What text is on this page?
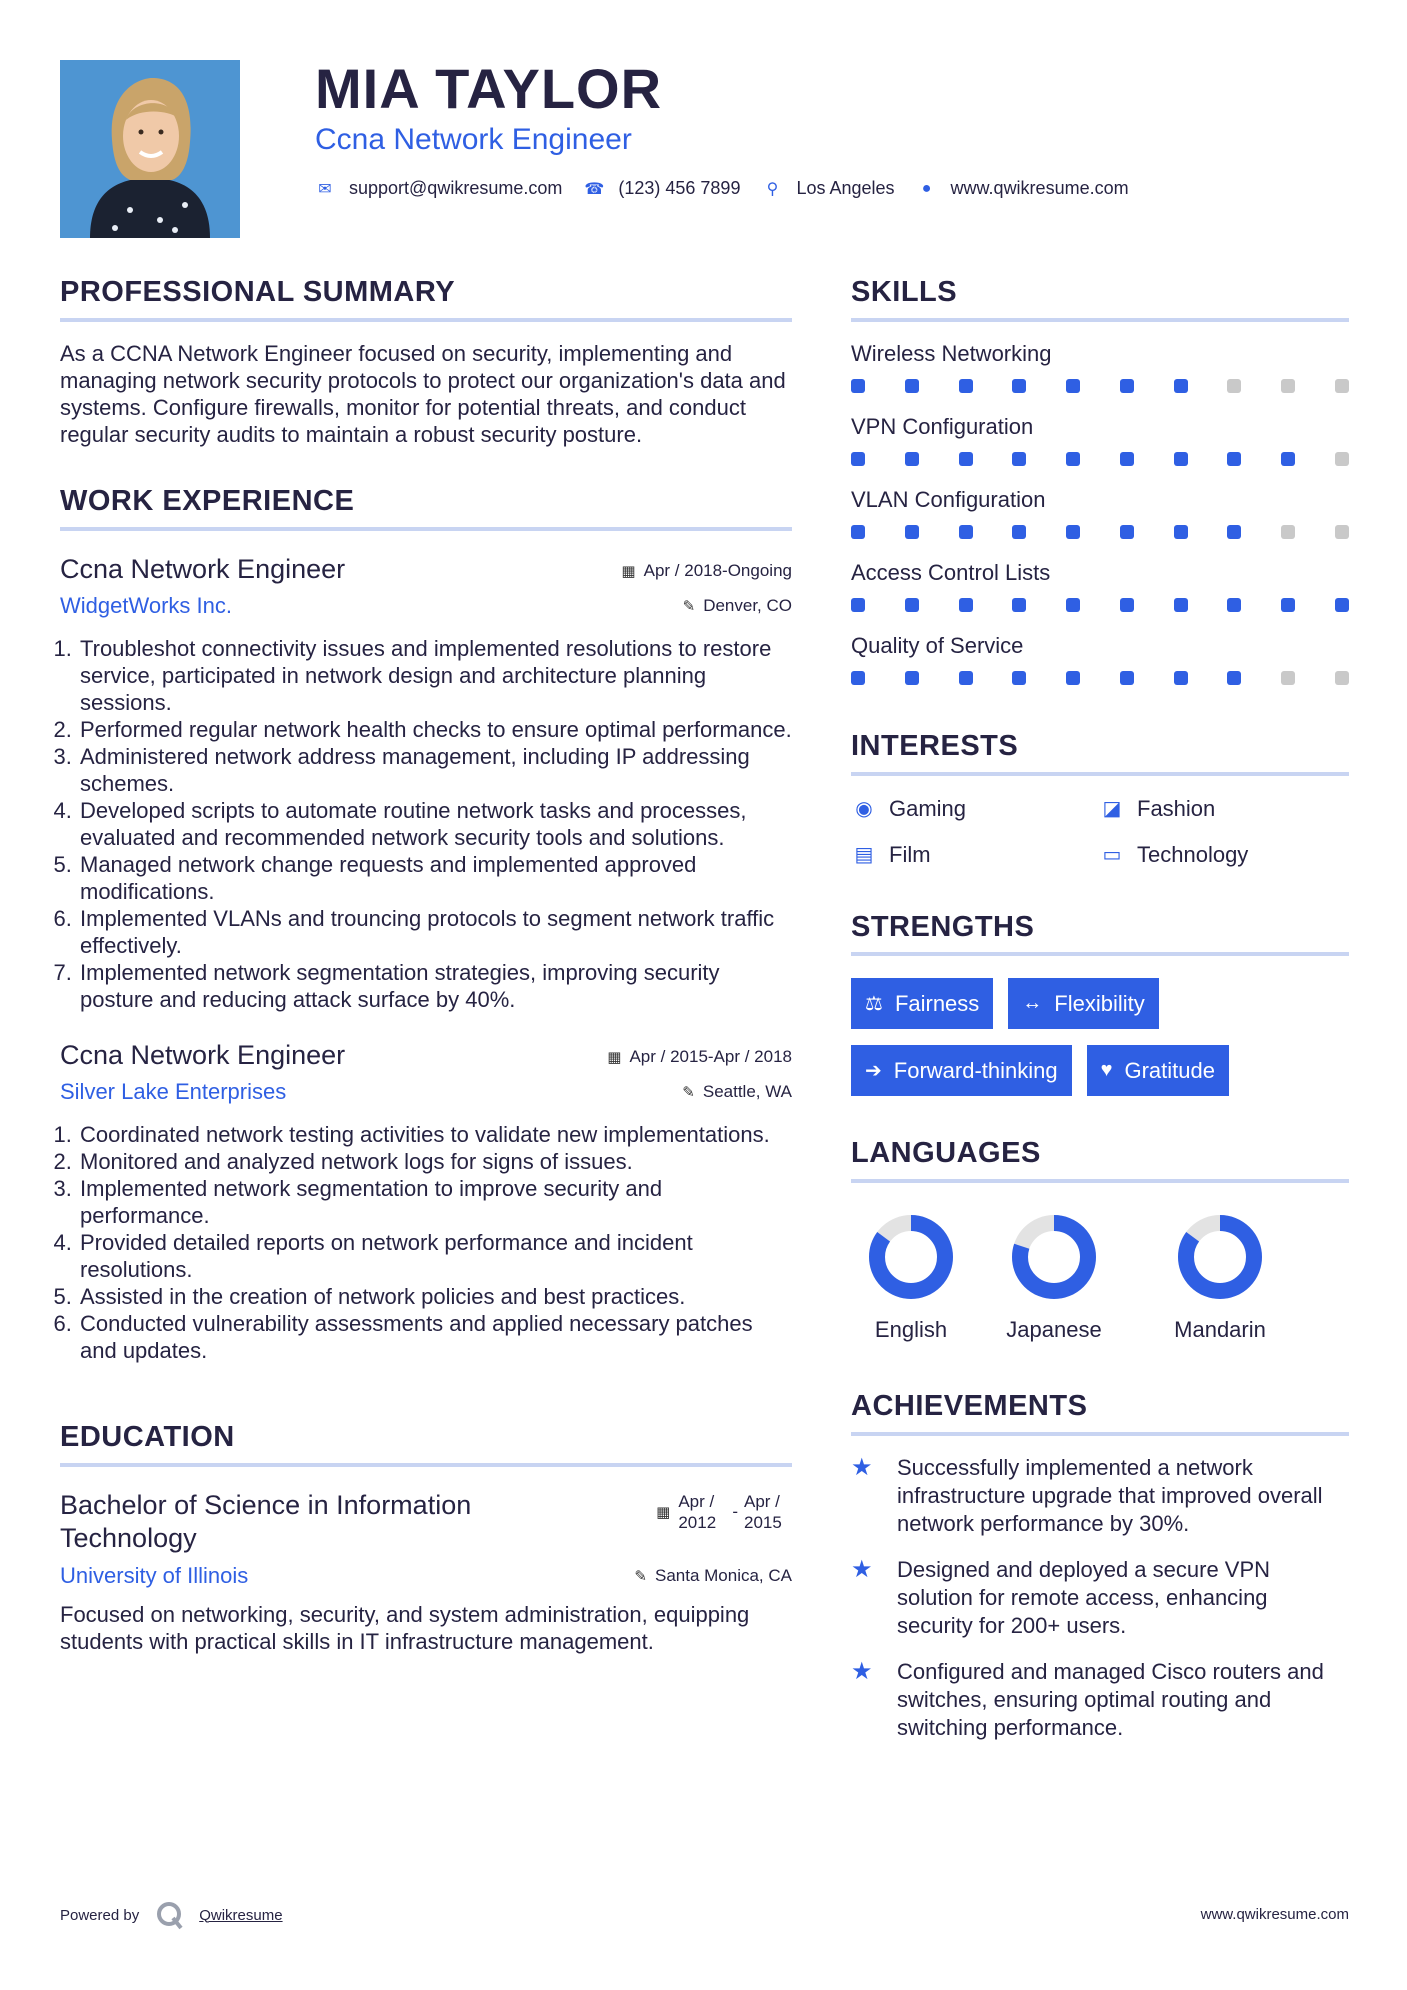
MIA TAYLOR
Ccna Network Engineer
✉ support@qwikresume.com ☎ (123) 456 7899 ⚲ Los Angeles	● www.qwikresume.com
PROFESSIONAL SUMMARY
As a CCNA Network Engineer focused on security, implementing and managing network security protocols to protect our organization's data and systems. Configure firewalls, monitor for potential threats, and conduct regular security audits to maintain a robust security posture.
WORK EXPERIENCE
Ccna Network Engineer	▦ Apr / 2018-Ongoing
WidgetWorks Inc.	✎ Denver, CO
1. Troubleshot connectivity issues and implemented resolutions to restore service, participated in network design and architecture planning sessions.
2. Performed regular network health checks to ensure optimal performance.
3. Administered network address management, including IP addressing schemes.
4. Developed scripts to automate routine network tasks and processes, evaluated and recommended network security tools and solutions.
5. Managed network change requests and implemented approved modifications.
6. Implemented VLANs and trouncing protocols to segment network traffic effectively.
7. Implemented network segmentation strategies, improving security posture and reducing attack surface by 40%.
Ccna Network Engineer	▦ Apr / 2015-Apr / 2018
Silver Lake Enterprises	✎ Seattle, WA
1. Coordinated network testing activities to validate new implementations.
2. Monitored and analyzed network logs for signs of issues.
3. Implemented network segmentation to improve security and performance.
4. Provided detailed reports on network performance and incident resolutions.
5. Assisted in the creation of network policies and best practices.
6. Conducted vulnerability assessments and applied necessary patches and updates.
EDUCATION
Bachelor of Science in Information Technology
▦
Apr / 2012
-
Apr / 2015
University of Illinois	✎ Santa Monica, CA
Focused on networking, security, and system administration, equipping students with practical skills in IT infrastructure management.
SKILLS
Wireless Networking
VPN Configuration
VLAN Configuration
Access Control Lists
Quality of Service
INTERESTS
◉ Gaming	◪ Fashion
▤ Film	▭ Technology
STRENGTHS
⚖ Fairness ↔ Flexibility
➔ Forward-thinking ♥ Gratitude
LANGUAGES
English	Japanese	Mandarin
ACHIEVEMENTS
★	Successfully implemented a network infrastructure upgrade that improved overall network performance by 30%.
★	Designed and deployed a secure VPN solution for remote access, enhancing security for 200+ users.
★	Configured and managed Cisco routers and switches, ensuring optimal routing and switching performance.
Powered by	Qwikresume	www.qwikresume.com
